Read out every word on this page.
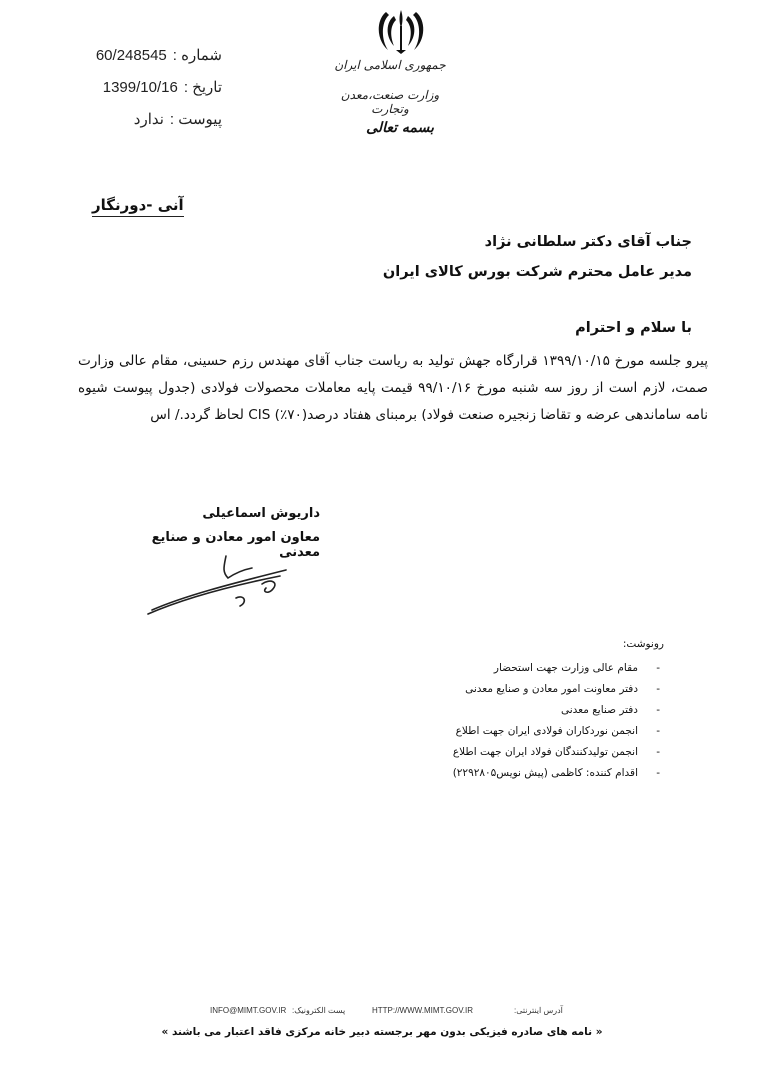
شماره :60/248545
تاریخ :1399/10/16
پیوست :ندارد
جمهوری اسلامی ایران
وزارت صنعت،معدن وتجارت
بسمه تعالی
آنی -دورنگار
جناب آقای دکتر سلطانی نژاد
مدیر عامل محترم شرکت بورس کالای ایران
با سلام و احترام
پیرو جلسه مورخ ۱۳۹۹/۱۰/۱۵ قرارگاه جهش تولید به ریاست جناب آقای مهندس رزم حسینی، مقام عالی وزارت صمت، لازم است از روز سه شنبه مورخ ۹۹/۱۰/۱۶ قیمت پایه معاملات محصولات فولادی (جدول پیوست شیوه نامه ساماندهی عرضه و تقاضا زنجیره صنعت فولاد) برمبنای هفتاد درصد(۷۰٪) CIS لحاظ گردد./ اس
داریوش اسماعیلی
معاون امور معادن و صنایع معدنی
رونوشت:
- مقام عالی وزارت جهت استحضار
- دفتر معاونت امور معادن و صنایع معدنی
- دفتر صنایع معدنی
- انجمن نوردکاران فولادی ایران جهت اطلاع
- انجمن تولیدکنندگان فولاد ایران جهت اطلاع
- اقدام کننده: کاظمی (پیش نویس۲۲۹۲۸۰۵)
آدرس اینترنتی:
HTTP://WWW.MIMT.GOV.IR
پست الکترونیک:
INFO@MIMT.GOV.IR
« نامه های صادره فیزیکی بدون مهر برجسته دبیر خانه مرکزی فاقد اعتبار می باشند »
